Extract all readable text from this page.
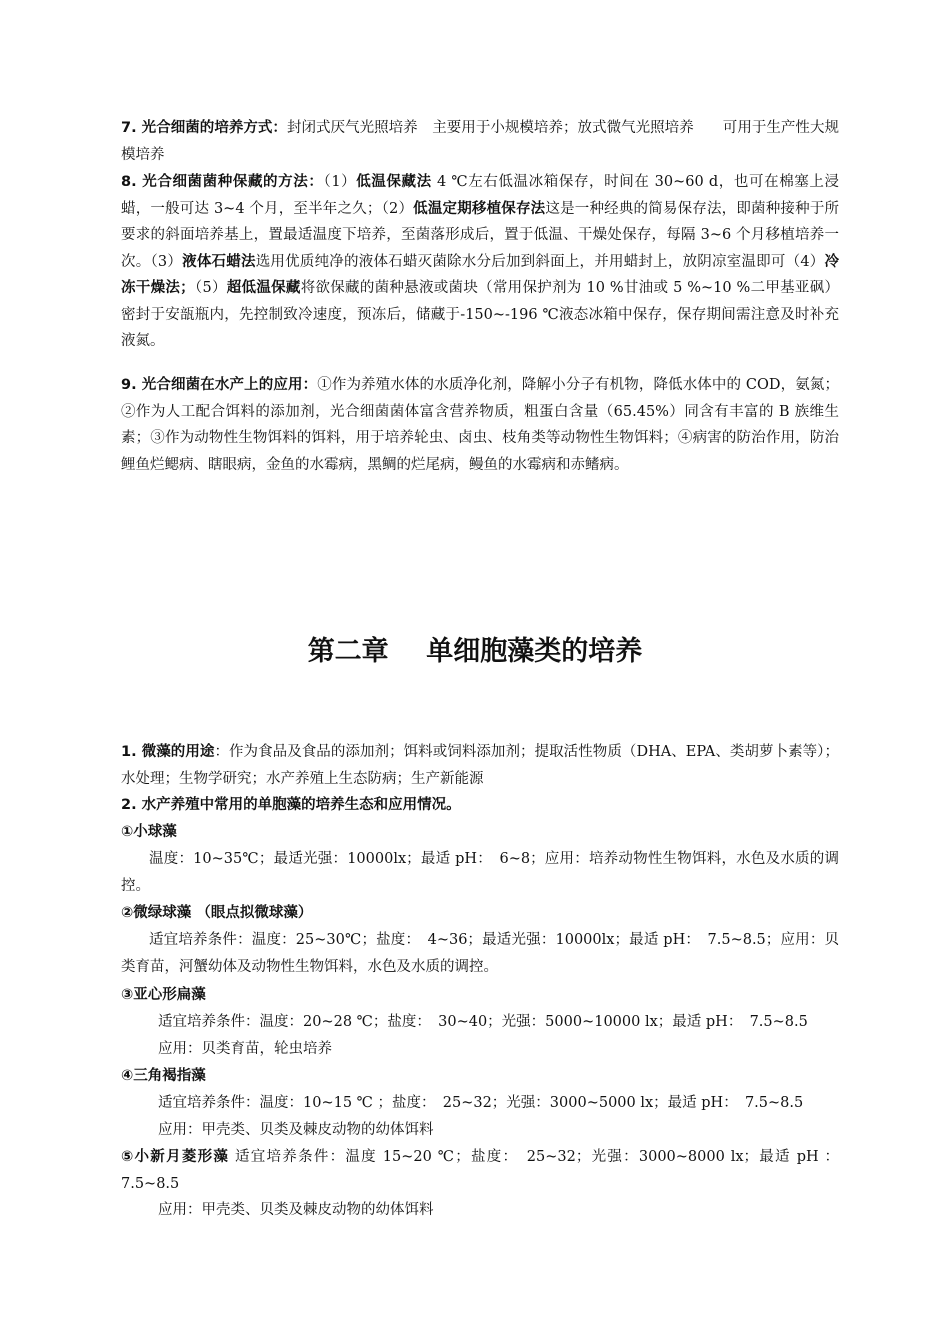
7. 光合细菌的培养方式：封闭式厌气光照培养　主要用于小规模培养；放式微气光照培养　　可用于生产性大规模培养

8. 光合细菌菌种保藏的方法：（1）低温保藏法 4 ℃左右低温冰箱保存，时间在 30~60 d，也可在棉塞上浸蜡，一般可达 3~4 个月，至半年之久；（2）低温定期移植保存法这是一种经典的简易保存法，即菌种接种于所要求的斜面培养基上，置最适温度下培养，至菌落形成后，置于低温、干燥处保存，每隔 3~6 个月移植培养一次。（3）液体石蜡法选用优质纯净的液体石蜡灭菌除水分后加到斜面上，并用蜡封上，放阴凉室温即可（4）冷冻干燥法；（5）超低温保藏将欲保藏的菌种悬液或菌块（常用保护剂为 10 %甘油或 5 %~10 %二甲基亚砜）密封于安瓿瓶内，先控制致冷速度，预冻后，储藏于-150~-196 ℃液态冰箱中保存，保存期间需注意及时补充液氮。

9. 光合细菌在水产上的应用：①作为养殖水体的水质净化剂，降解小分子有机物，降低水体中的 COD，氨氮；②作为人工配合饵料的添加剂，光合细菌菌体富含营养物质，粗蛋白含量（65.45%）同含有丰富的 B 族维生素；③作为动物性生物饵料的饵料，用于培养轮虫、卤虫、枝角类等动物性生物饵料；④病害的防治作用，防治鲤鱼烂鳃病、瞎眼病，金鱼的水霉病，黑鲷的烂尾病，鳗鱼的水霉病和赤鳍病。

第二章 单细胞藻类的培养

1. 微藻的用途：作为食品及食品的添加剂；饵料或饲料添加剂；提取活性物质（DHA、EPA、类胡萝卜素等）；水处理；生物学研究；水产养殖上生态防病；生产新能源

2. 水产养殖中常用的单胞藻的培养生态和应用情况。

①小球藻

温度：10~35℃；最适光强：10000lx；最适 pH：　6~8；应用：培养动物性生物饵料，水色及水质的调控。

②微绿球藻 （眼点拟微球藻）

适宜培养条件：温度：25~30℃；盐度：　4~36；最适光强：10000lx；最适 pH：　7.5~8.5；应用：贝类育苗，河蟹幼体及动物性生物饵料，水色及水质的调控。

③亚心形扁藻

适宜培养条件：温度：20~28 ℃；盐度：　30~40；光强：5000~10000 lx；最适 pH：　7.5~8.5

应用：贝类育苗，轮虫培养

④三角褐指藻

适宜培养条件：温度：10~15 ℃ ；盐度：　25~32；光强：3000~5000 lx；最适 pH：　7.5~8.5

应用：甲壳类、贝类及棘皮动物的幼体饵料

⑤小新月菱形藻 适宜培养条件：温度 15~20 ℃；盐度：　25~32；光强：3000~8000 lx；最适 pH ：7.5~8.5

应用：甲壳类、贝类及棘皮动物的幼体饵料
